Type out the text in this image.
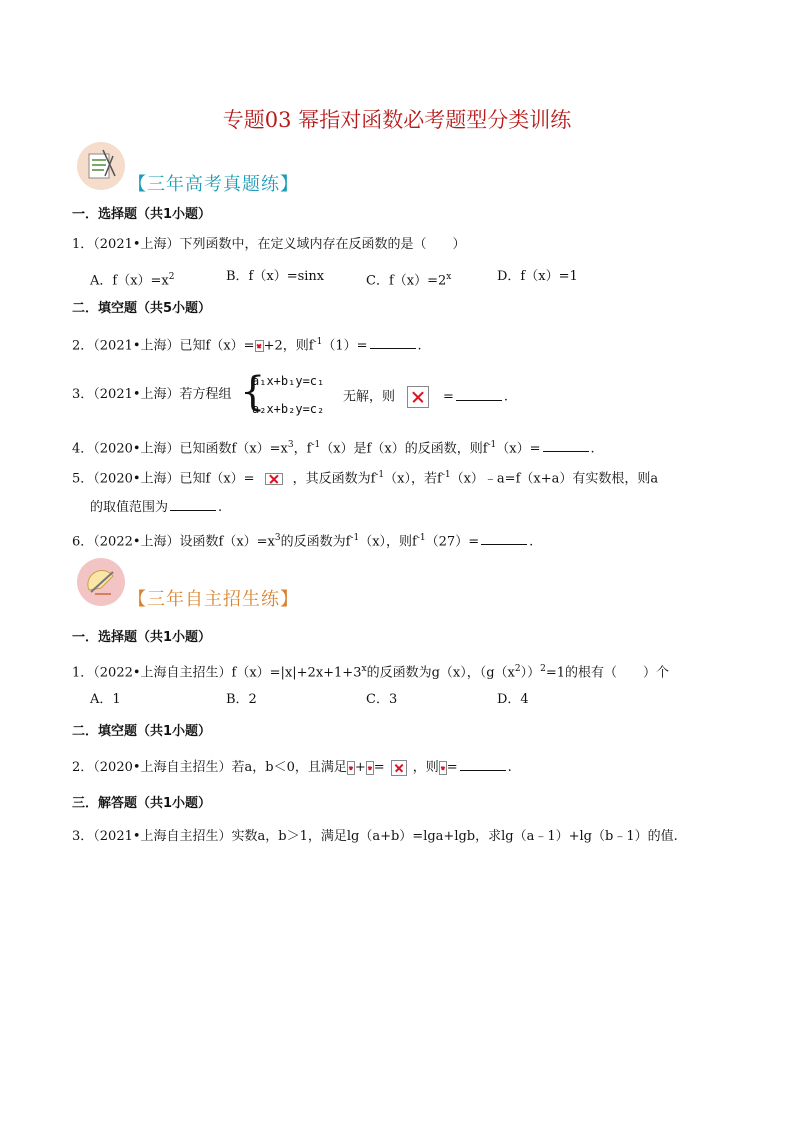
专题03 幂指对函数必考题型分类训练
【三年高考真题练】
一．选择题（共1小题）
1．（2021•上海）下列函数中，在定义域内存在反函数的是（　　）
A．$f(x)=x^2$	B．f（x）=sinx	C．$f(x)=2^x$	D．f（x）=1
二．填空题（共5小题）
2．（2021•上海）已知f（x）= +2，则$f^{-1}(1)=$	.
3．（2021•上海）若方程组 {
a₁x+b₁y=c₁
a₂x+b₂y=c₂
无解，则	=	.
4．（2020•上海）已知函数$f(x)=x^3$，$f^{-1}(x)$是f（x）的反函数，则$f^{-1}(x)=$	.
5．（2020•上海）已知f（x）=	，其反函数为$f^{-1}(x)$，若$f^{-1}(x)﹣a=f(x+a)$有实数根，则a
的取值范围为	.
6．（2022•上海）设函数$f(x)=x^3$的反函数为$f^{-1}(x)$，则$f^{-1}(27)=$	.
【三年自主招生练】
一．选择题（共1小题）
1．（2022•上海自主招生）$f(x)=|x|+2x+1+3^x$的反函数为g（x），$(g(x^2))^2=1$的根有（　　）个
A．1	B．2	C．3	D．4
二．填空题（共1小题）
2．（2020•上海自主招生）若a，b＜0，且满足 + = ，则 =	.
三．解答题（共1小题）
3．（2021•上海自主招生）实数a，b＞1，满足lg（a+b）=lga+lgb，求lg（a﹣1）+lg（b﹣1）的值.
